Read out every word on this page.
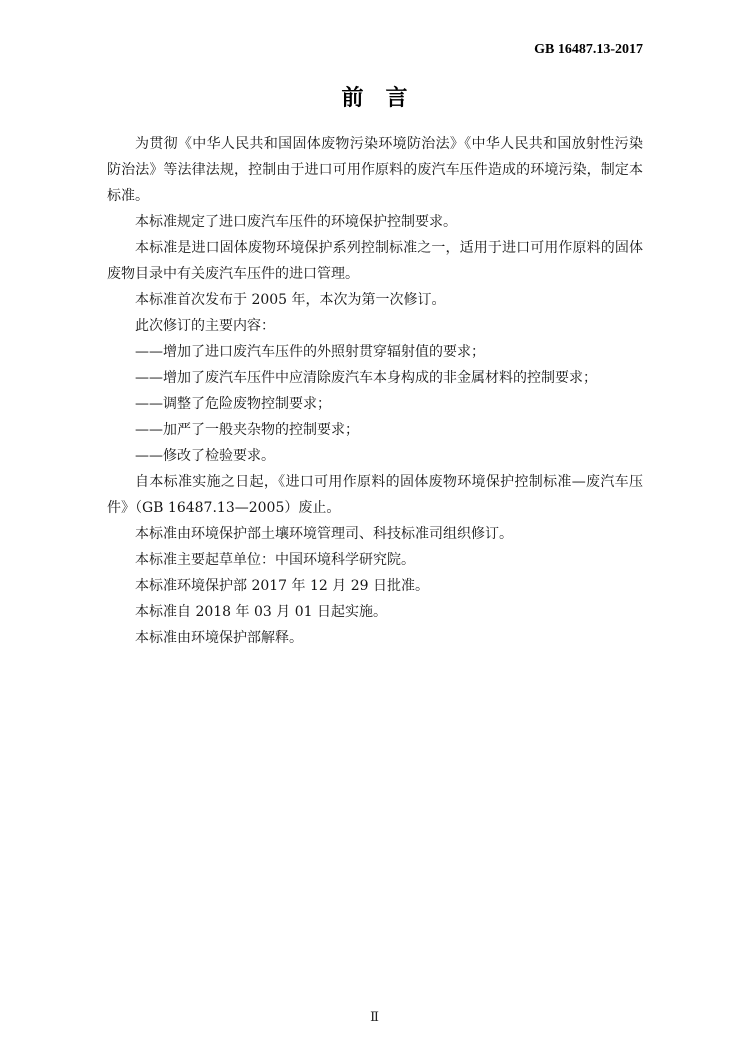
GB 16487.13-2017
前　言

为贯彻《中华人民共和国固体废物污染环境防治法》《中华人民共和国放射性污染防治法》等法律法规，控制由于进口可用作原料的废汽车压件造成的环境污染，制定本标准。

本标准规定了进口废汽车压件的环境保护控制要求。

本标准是进口固体废物环境保护系列控制标准之一，适用于进口可用作原料的固体废物目录中有关废汽车压件的进口管理。

本标准首次发布于 2005 年，本次为第一次修订。

此次修订的主要内容：

——增加了进口废汽车压件的外照射贯穿辐射值的要求；

——增加了废汽车压件中应清除废汽车本身构成的非金属材料的控制要求；

——调整了危险废物控制要求；

——加严了一般夹杂物的控制要求；

——修改了检验要求。

自本标准实施之日起，《进口可用作原料的固体废物环境保护控制标准—废汽车压件》（GB 16487.13—2005）废止。

本标准由环境保护部土壤环境管理司、科技标准司组织修订。

本标准主要起草单位：中国环境科学研究院。

本标准环境保护部 2017 年 12 月 29 日批准。

本标准自 2018 年 03 月 01 日起实施。

本标准由环境保护部解释。

Ⅱ
